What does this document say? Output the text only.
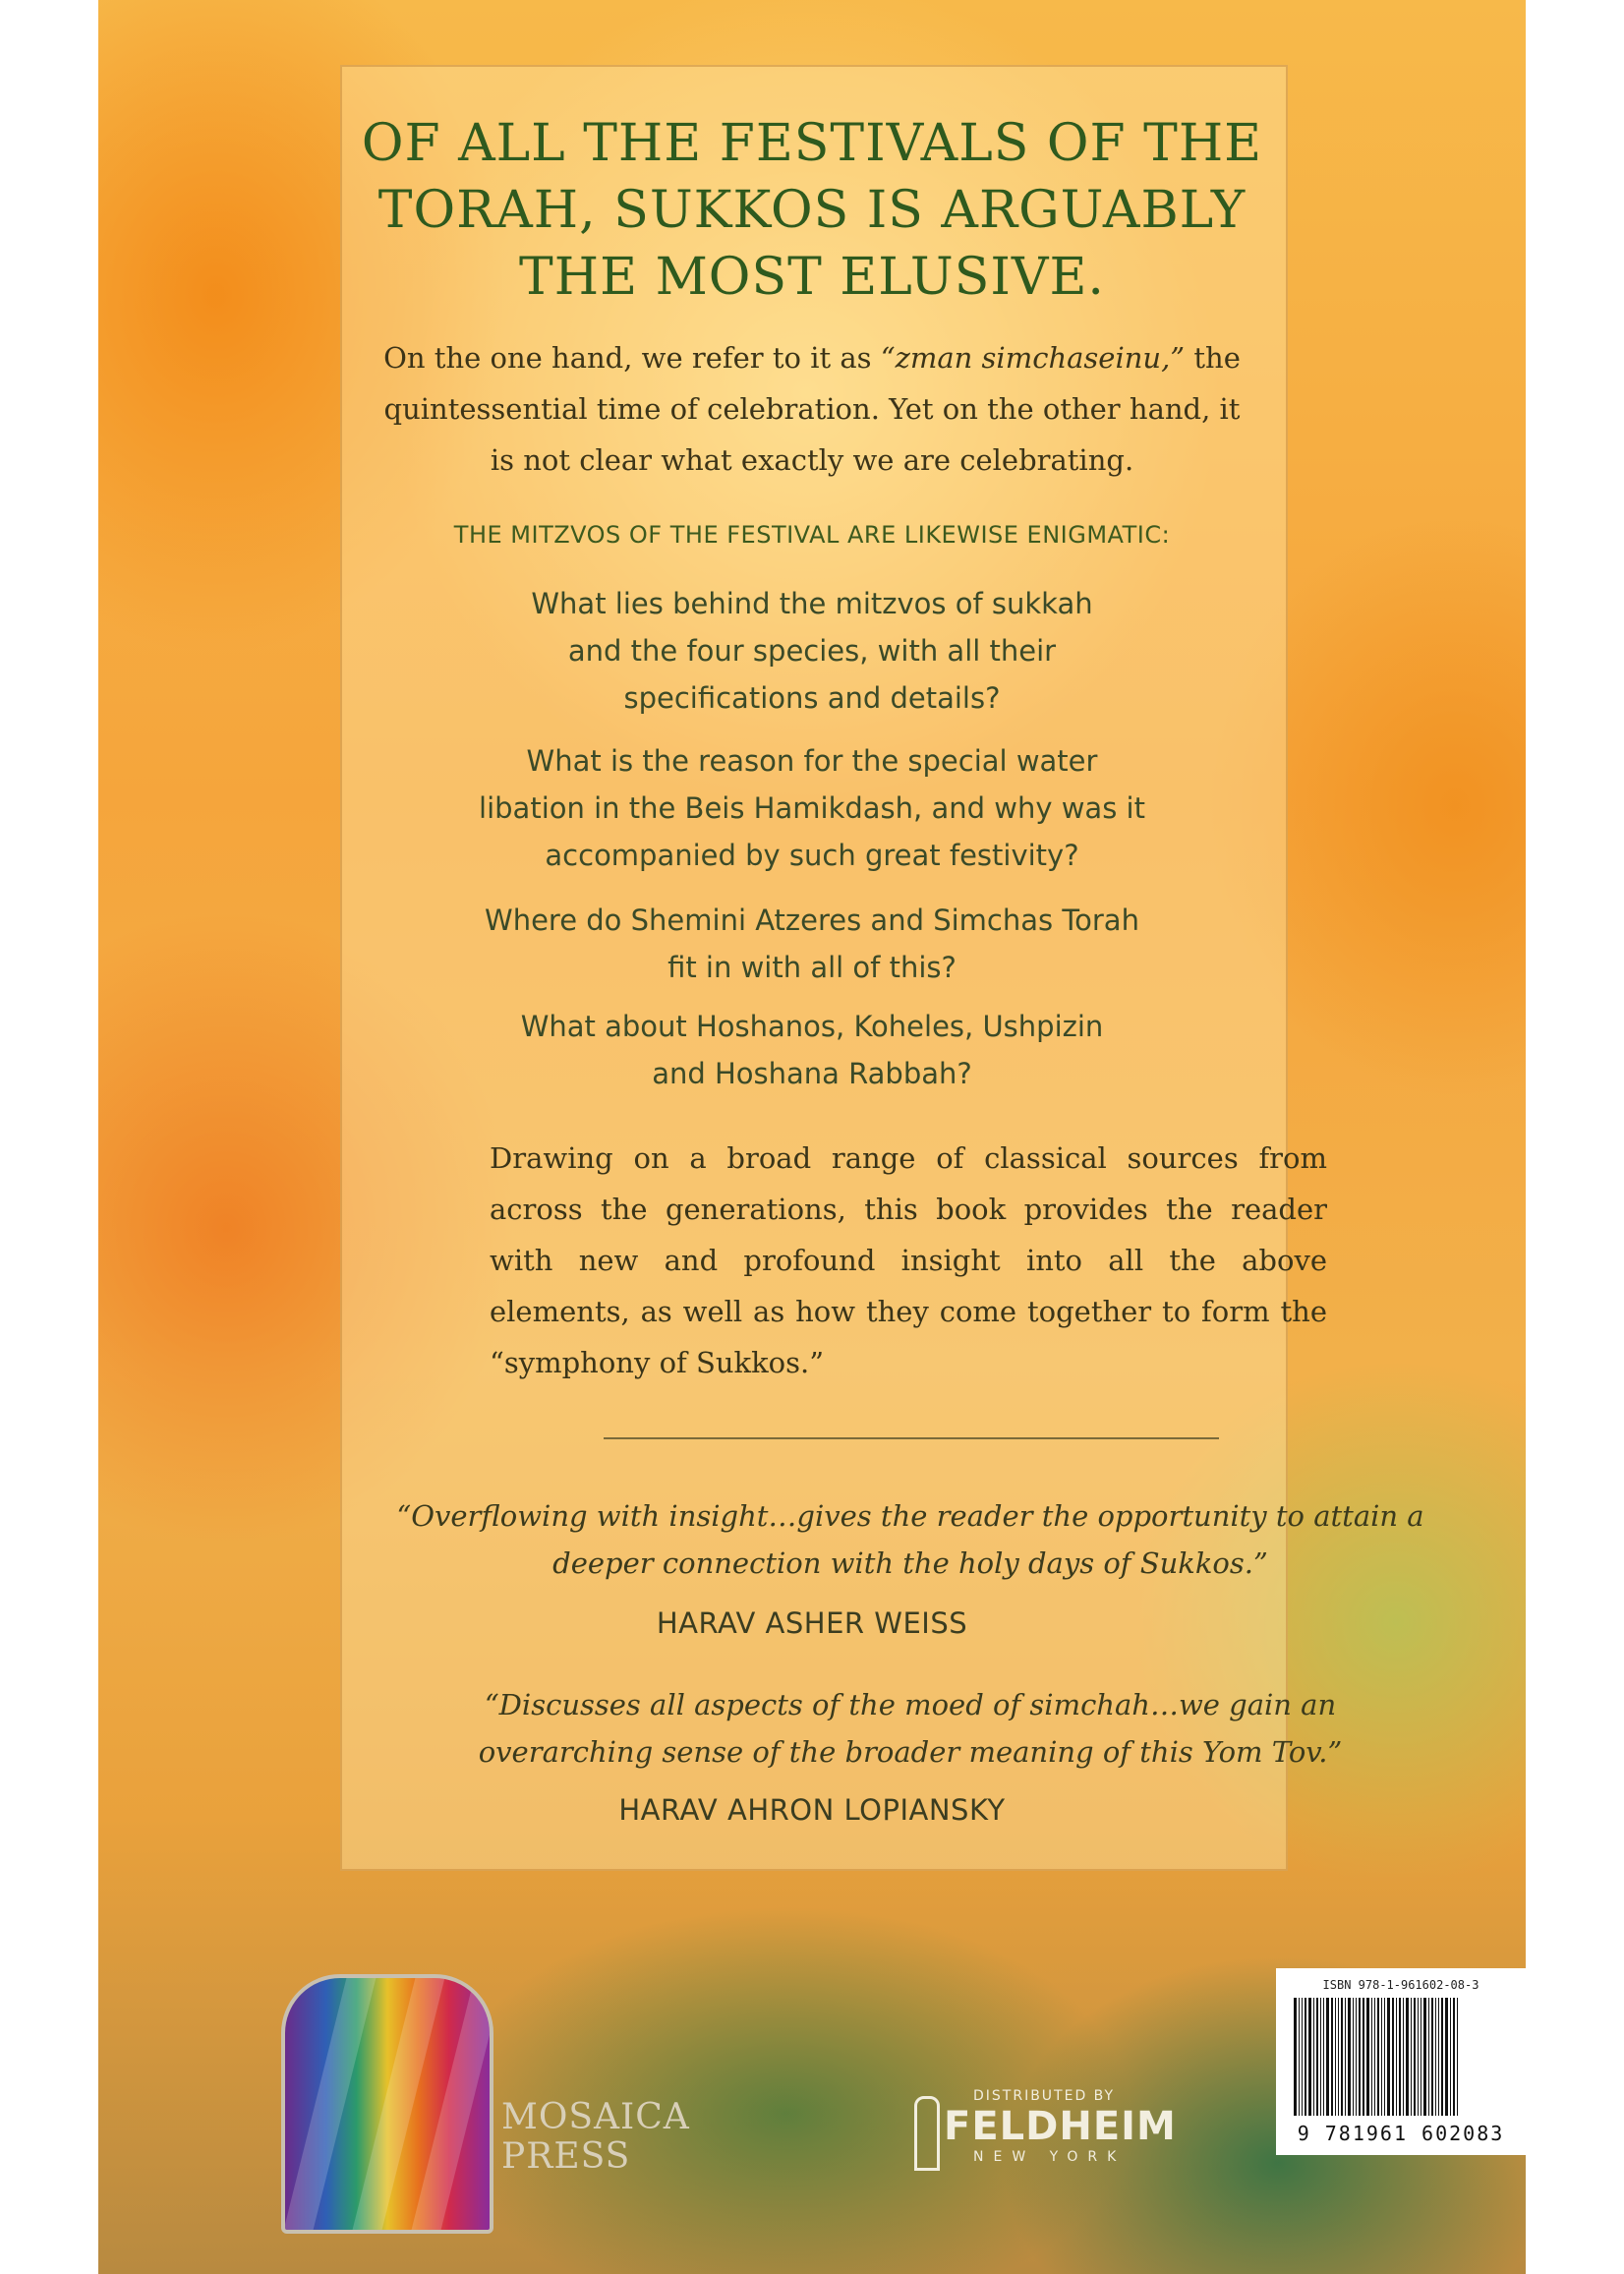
OF ALL THE FESTIVALS OF THE
TORAH, SUKKOS IS ARGUABLY
THE MOST ELUSIVE.
On the one hand, we refer to it as “zman simchaseinu,” the quintessential time of celebration. Yet on the other hand, it is not clear what exactly we are celebrating.
THE MITZVOS OF THE FESTIVAL ARE LIKEWISE ENIGMATIC:
What lies behind the mitzvos of sukkah
and the four species, with all their
specifications and details?
What is the reason for the special water
libation in the Beis Hamikdash, and why was it
accompanied by such great festivity?
Where do Shemini Atzeres and Simchas Torah
fit in with all of this?
What about Hoshanos, Koheles, Ushpizin
and Hoshana Rabbah?
Drawing on a broad range of classical sources from across the generations, this book provides the reader with new and profound insight into all the above elements, as well as how they come together to form the “symphony of Sukkos.”
“Overflowing with insight…gives the reader the opportunity to attain a deeper connection with the holy days of Sukkos.”
HARAV ASHER WEISS
“Discusses all aspects of the moed of simchah…we gain an overarching sense of the broader meaning of this Yom Tov.”
HARAV AHRON LOPIANSKY
MOSAICA
PRESS
DISTRIBUTED BY
FELDHEIM
NEW YORK
ISBN 978-1-961602-08-3
9 781961 602083
